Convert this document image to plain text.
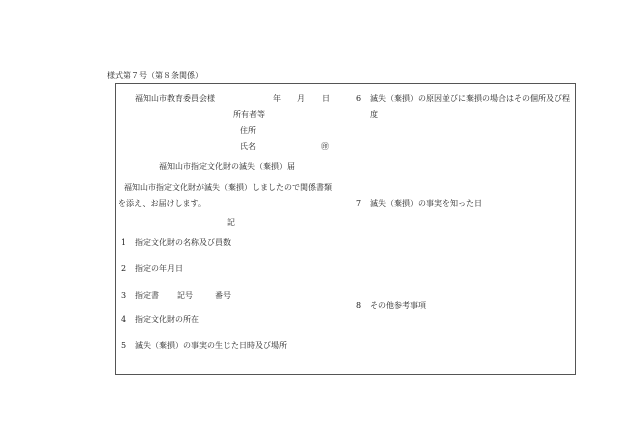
様式第７号（第８条関係）
福知山市教育委員会様	年 月 日
所有者等
住所
氏名	㊞
福知山市指定文化財の滅失（棄損）届
福知山市指定文化財が滅失（棄損）しましたので関係書類
を添え、お届けします。
記
1 指定文化財の名称及び員数
2 指定の年月日
3 指定書 記号	番号
4 指定文化財の所在
5 滅失（棄損）の事実の生じた日時及び場所
6 滅失（棄損）の原因並びに棄損の場合はその個所及び程
度
7 滅失（棄損）の事実を知った日
8 その他参考事項
